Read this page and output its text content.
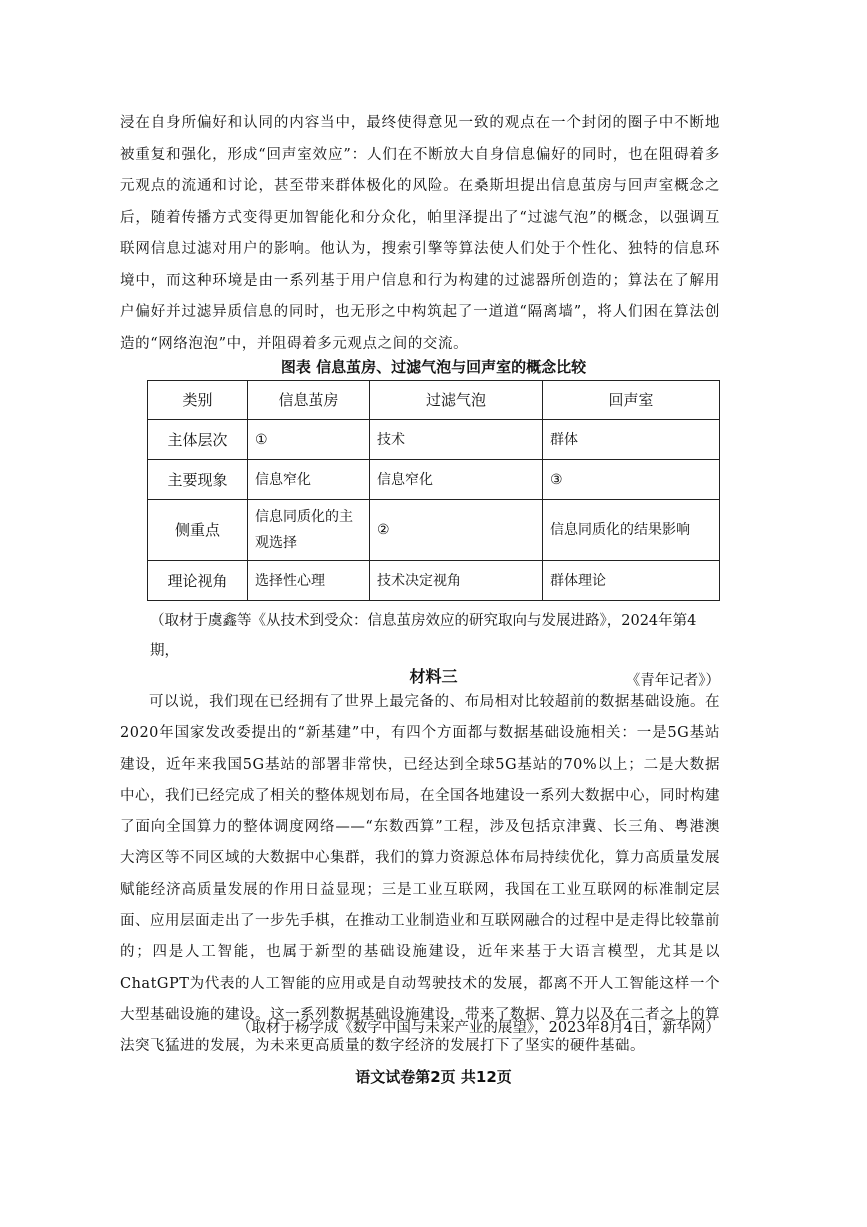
浸在自身所偏好和认同的内容当中，最终使得意见一致的观点在一个封闭的圈子中不断地被重复和强化，形成“回声室效应”：人们在不断放大自身信息偏好的同时，也在阻碍着多元观点的流通和讨论，甚至带来群体极化的风险。在桑斯坦提出信息茧房与回声室概念之后，随着传播方式变得更加智能化和分众化，帕里泽提出了“过滤气泡”的概念，以强调互联网信息过滤对用户的影响。他认为，搜索引擎等算法使人们处于个性化、独特的信息环境中，而这种环境是由一系列基于用户信息和行为构建的过滤器所创造的；算法在了解用户偏好并过滤异质信息的同时，也无形之中构筑起了一道道“隔离墙”，将人们困在算法创造的“网络泡泡”中，并阻碍着多元观点之间的交流。
图表 信息茧房、过滤气泡与回声室的概念比较
类别	信息茧房	过滤气泡	回声室
主体层次	①	技术	群体
主要现象	信息窄化	信息窄化	③
侧重点	信息同质化的主观选择	②	信息同质化的结果影响
理论视角	选择性心理	技术决定视角	群体理论
（取材于虞鑫等《从技术到受众：信息茧房效应的研究取向与发展进路》，2024年第4期，
《青年记者》）
材料三
可以说，我们现在已经拥有了世界上最完备的、布局相对比较超前的数据基础设施。在2020年国家发改委提出的“新基建”中，有四个方面都与数据基础设施相关：一是5G基站建设，近年来我国5G基站的部署非常快，已经达到全球5G基站的70%以上；二是大数据中心，我们已经完成了相关的整体规划布局，在全国各地建设一系列大数据中心，同时构建了面向全国算力的整体调度网络——“东数西算”工程，涉及包括京津冀、长三角、粤港澳大湾区等不同区域的大数据中心集群，我们的算力资源总体布局持续优化，算力高质量发展赋能经济高质量发展的作用日益显现；三是工业互联网，我国在工业互联网的标准制定层面、应用层面走出了一步先手棋，在推动工业制造业和互联网融合的过程中是走得比较靠前的；四是人工智能，也属于新型的基础设施建设，近年来基于大语言模型，尤其是以ChatGPT为代表的人工智能的应用或是自动驾驶技术的发展，都离不开人工智能这样一个大型基础设施的建设。这一系列数据基础设施建设，带来了数据、算力以及在二者之上的算法突飞猛进的发展，为未来更高质量的数字经济的发展打下了坚实的硬件基础。
（取材于杨学成《数字中国与未来产业的展望》，2023年8月4日，新华网）
语文试卷第2页 共12页
